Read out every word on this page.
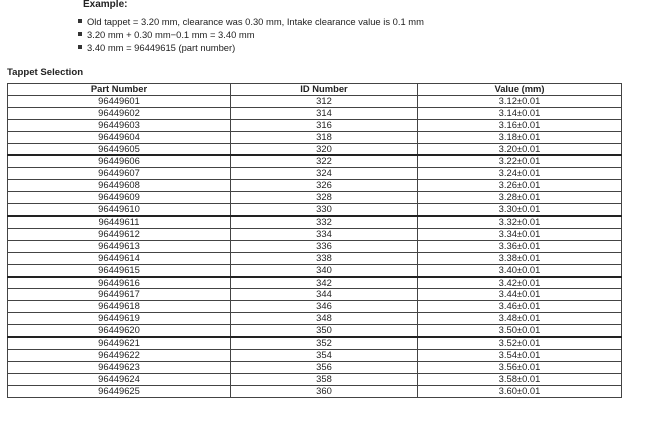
Example:
Old tappet = 3.20 mm, clearance was 0.30 mm, Intake clearance value is 0.1 mm
3.20 mm + 0.30 mm−0.1 mm = 3.40 mm
3.40 mm = 96449615 (part number)
Tappet Selection
Part Number	ID Number	Value (mm)
96449601	312	3.12±0.01
96449602	314	3.14±0.01
96449603	316	3.16±0.01
96449604	318	3.18±0.01
96449605	320	3.20±0.01
96449606	322	3.22±0.01
96449607	324	3.24±0.01
96449608	326	3.26±0.01
96449609	328	3.28±0.01
96449610	330	3.30±0.01
96449611	332	3.32±0.01
96449612	334	3.34±0.01
96449613	336	3.36±0.01
96449614	338	3.38±0.01
96449615	340	3.40±0.01
96449616	342	3.42±0.01
96449617	344	3.44±0.01
96449618	346	3.46±0.01
96449619	348	3.48±0.01
96449620	350	3.50±0.01
96449621	352	3.52±0.01
96449622	354	3.54±0.01
96449623	356	3.56±0.01
96449624	358	3.58±0.01
96449625	360	3.60±0.01
